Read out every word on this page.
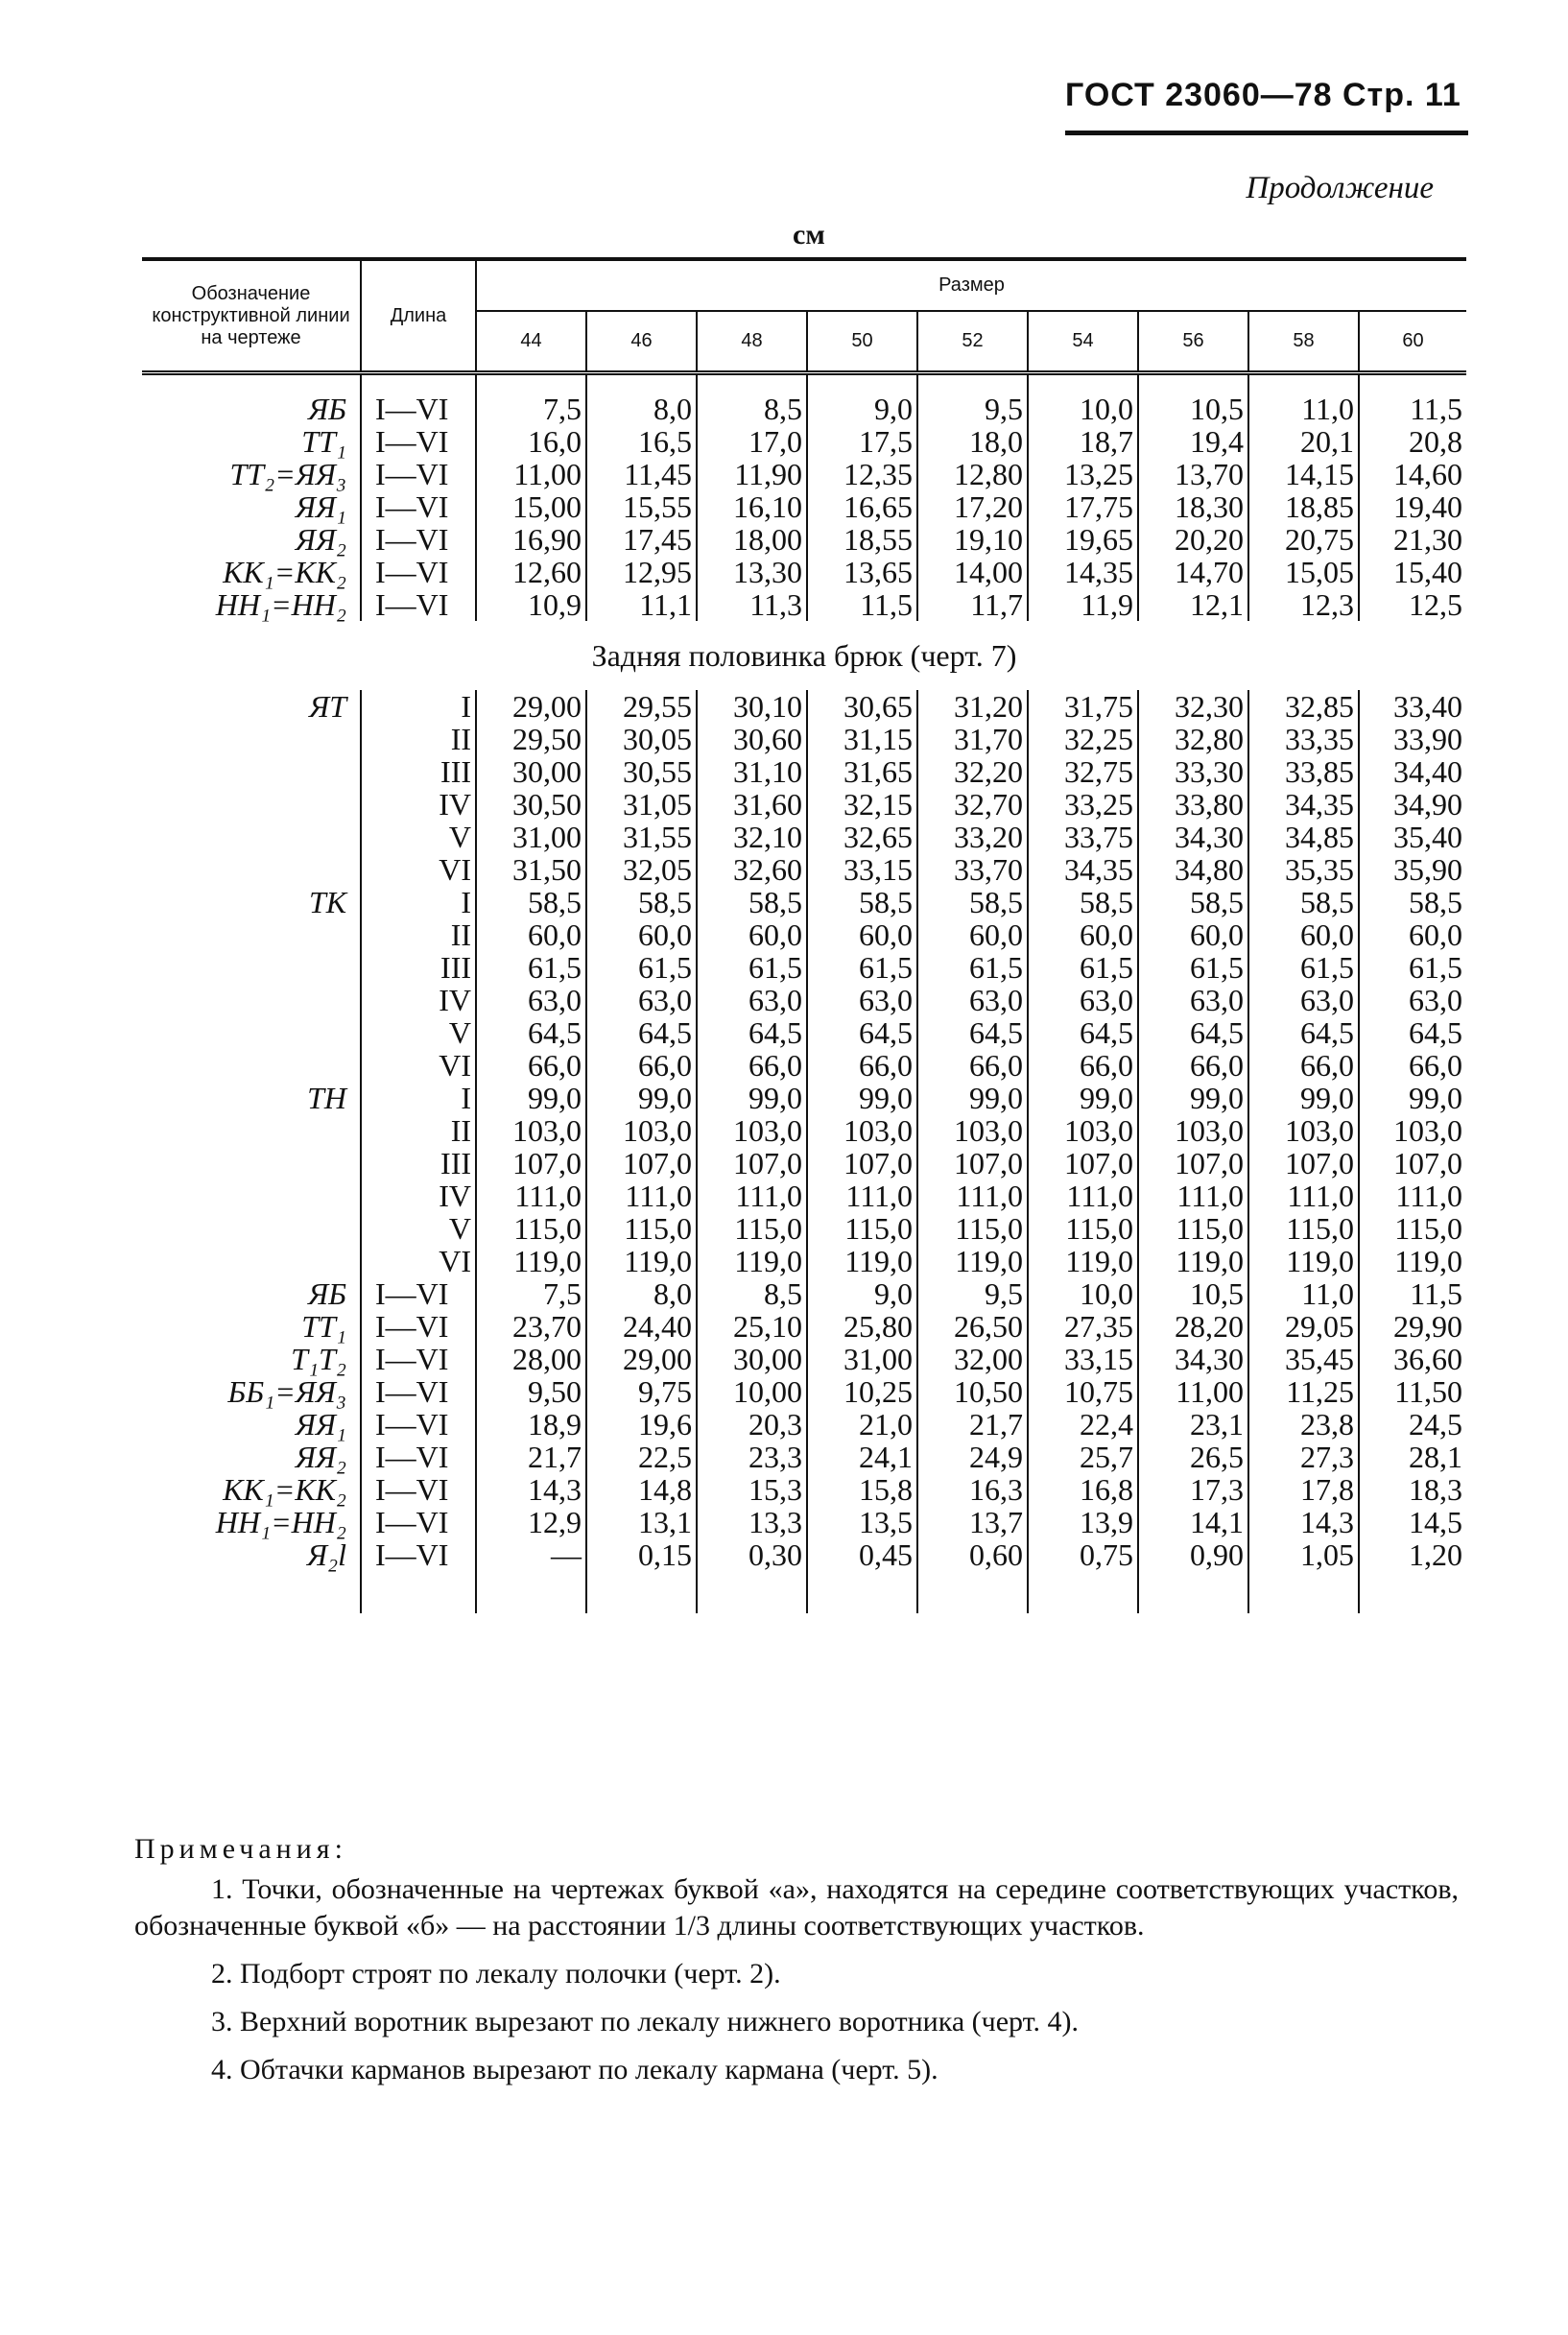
ГОСТ 23060—78 Стр. 11
Продолжение
см
Обозначение конструктивной линии на чертеже	Длина	Размер								
		44	46	48	50	52	54	56	58	60

ЯБ	I—VI	7,5	8,0	8,5	9,0	9,5	10,0	10,5	11,0	11,5
ТТ₁	I—VI	16,0	16,5	17,0	17,5	18,0	18,7	19,4	20,1	20,8
ТТ₂=ЯЯ₃	I—VI	11,00	11,45	11,90	12,35	12,80	13,25	13,70	14,15	14,60
ЯЯ₁	I—VI	15,00	15,55	16,10	16,65	17,20	17,75	18,30	18,85	19,40
ЯЯ₂	I—VI	16,90	17,45	18,00	18,55	19,10	19,65	20,20	20,75	21,30
КК₁=КК₂	I—VI	12,60	12,95	13,30	13,65	14,00	14,35	14,70	15,05	15,40
НН₁=НН₂	I—VI	10,9	11,1	11,3	11,5	11,7	11,9	12,1	12,3	12,5
Задняя половинка брюк (черт. 7)										
ЯТ	I	29,00	29,55	30,10	30,65	31,20	31,75	32,30	32,85	33,40
	II	29,50	30,05	30,60	31,15	31,70	32,25	32,80	33,35	33,90
	III	30,00	30,55	31,10	31,65	32,20	32,75	33,30	33,85	34,40
	IV	30,50	31,05	31,60	32,15	32,70	33,25	33,80	34,35	34,90
	V	31,00	31,55	32,10	32,65	33,20	33,75	34,30	34,85	35,40
	VI	31,50	32,05	32,60	33,15	33,70	34,35	34,80	35,35	35,90
ТК	I	58,5	58,5	58,5	58,5	58,5	58,5	58,5	58,5	58,5
	II	60,0	60,0	60,0	60,0	60,0	60,0	60,0	60,0	60,0
	III	61,5	61,5	61,5	61,5	61,5	61,5	61,5	61,5	61,5
	IV	63,0	63,0	63,0	63,0	63,0	63,0	63,0	63,0	63,0
	V	64,5	64,5	64,5	64,5	64,5	64,5	64,5	64,5	64,5
	VI	66,0	66,0	66,0	66,0	66,0	66,0	66,0	66,0	66,0
ТН	I	99,0	99,0	99,0	99,0	99,0	99,0	99,0	99,0	99,0
	II	103,0	103,0	103,0	103,0	103,0	103,0	103,0	103,0	103,0
	III	107,0	107,0	107,0	107,0	107,0	107,0	107,0	107,0	107,0
	IV	111,0	111,0	111,0	111,0	111,0	111,0	111,0	111,0	111,0
	V	115,0	115,0	115,0	115,0	115,0	115,0	115,0	115,0	115,0
	VI	119,0	119,0	119,0	119,0	119,0	119,0	119,0	119,0	119,0
ЯБ	I—VI	7,5	8,0	8,5	9,0	9,5	10,0	10,5	11,0	11,5
ТТ₁	I—VI	23,70	24,40	25,10	25,80	26,50	27,35	28,20	29,05	29,90
Т₁Т₂	I—VI	28,00	29,00	30,00	31,00	32,00	33,15	34,30	35,45	36,60
ББ₁=ЯЯ₃	I—VI	9,50	9,75	10,00	10,25	10,50	10,75	11,00	11,25	11,50
ЯЯ₁	I—VI	18,9	19,6	20,3	21,0	21,7	22,4	23,1	23,8	24,5
ЯЯ₂	I—VI	21,7	22,5	23,3	24,1	24,9	25,7	26,5	27,3	28,1
КК₁=КК₂	I—VI	14,3	14,8	15,3	15,8	16,3	16,8	17,3	17,8	18,3
НН₁=НН₂	I—VI	12,9	13,1	13,3	13,5	13,7	13,9	14,1	14,3	14,5
Я₂l	I—VI	—	0,15	0,30	0,45	0,60	0,75	0,90	1,05	1,20

Примечания:

1. Точки, обозначенные на чертежах буквой «а», находятся на середине соответствующих участков, обозначенные буквой «б» — на расстоянии 1/3 длины соответствующих участков.

2. Подборт строят по лекалу полочки (черт. 2).

3. Верхний воротник вырезают по лекалу нижнего воротника (черт. 4).

4. Обтачки карманов вырезают по лекалу кармана (черт. 5).
